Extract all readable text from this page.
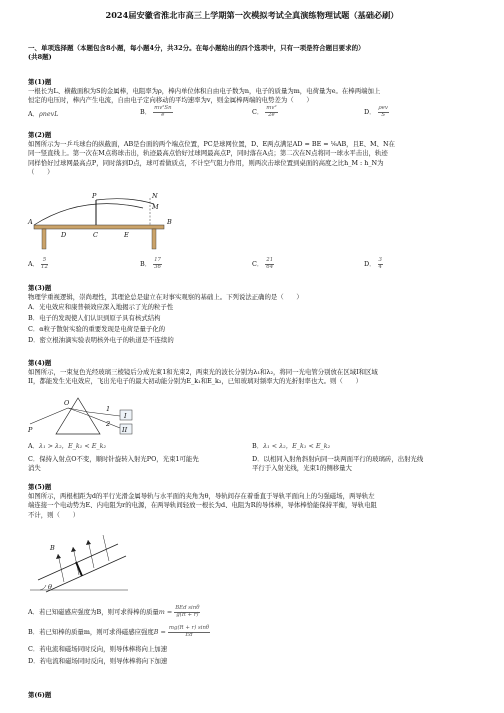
2024届安徽省淮北市高三上学期第一次模拟考试全真演练物理试题（基础必刷）
一、单项选择题（本题包含8小题，每小题4分，共32分。在每小题给出的四个选项中，只有一项是符合题目要求的）
(共8题)
第(1)题
一根长为L、横截面积为S的金属棒，电阻率为ρ，棒内单位体积自由电子数为n，电子的质量为m，电荷量为e。在棒两端加上
恒定的电压时，棒内产生电流，自由电子定向移动的平均速率为v，则金属棒两端的电势差为（　　）
A．ρnevL	B． $\frac{\text{mv²Sn}}{e}$	C． $\frac{\text{mv²}}{2e}$	D． $\frac{\text{ρev}}{S}$
第(2)题
如图所示为一乒乓球台的纵截面，AB是台面的两个端点位置，PC是球网位置，D、E两点满足AD = BE = ⅙AB，且E、M、N在
同一竖直线上。第一次在M点将球击出，轨迹最高点恰好过球网最高点P，同时落在A点；第二次在N点将同一球水平击出，轨迹
同样恰好过球网最高点P，同时落到D点，球可看做质点，不计空气阻力作用，则两次击球位置到桌面的高度之比h_M : h_N为
（　　）
P	N
M
A
D	C	E
B
A． $\frac{5}{12}$	B． $\frac{17}{36}$	C． $\frac{21}{64}$	D． $\frac{3}{4}$
第(3)题
物理学重视逻辑，崇尚理性，其理论总是建立在对事实观察的基础上。下列说法正确的是（　　）
A．光电效应和康普顿效应深入地揭示了光的粒子性
B．电子的发现使人们认识到原子具有核式结构
C．α粒子散射实验的重要发现是电荷是量子化的
D．密立根油滴实验表明核外电子的轨道是不连续的
第(4)题
如图所示，一束复色光经玻璃三棱镜后分成光束1和光束2，两束光的波长分别为λ₁和λ₂，将同一光电管分别放在区域I和区域
II，都能发生光电效应，飞出光电子的最大初动能分别为E_k₁和E_k₂，已知玻璃对频率大的光折射率也大。则（　　）
O
P
1
2
I
II
A．λ₁ > λ₂，E_k₁ < E_k₂	B．λ₁ < λ₂，E_k₁ < E_k₂
C．保持入射点O不变，顺时针旋转入射光PO，光束1可能先
消失
D．以相同入射角斜射向同一块两面平行的玻璃砖，出射光线
平行于入射光线，光束1的侧移量大
第(5)题
如图所示，两根相距为d的平行光滑金属导轨与水平面的夹角为θ，导轨间存在着垂直于导轨平面向上的匀强磁场，两导轨左
端连接一个电动势为E、内电阻为r的电源，在两导轨间轻放一根长为d、电阻为R的导体棒，导体棒恰能保持平衡，导轨电阻
不计，则（　　）
B
θ
A．若已知磁感应强度为B，则可求得棒的质量$m = \frac{\text{BEd sinθ}}{g(R + r)}$
B．若已知棒的质量m，则可求得磁感应强度$B = \frac{mg(R + r) \sin\theta}{Ed}$
C．若电流和磁场同时反向，则导体棒将向上加速
D．若电流和磁场同时反向，则导体棒将向下加速
第(6)题
